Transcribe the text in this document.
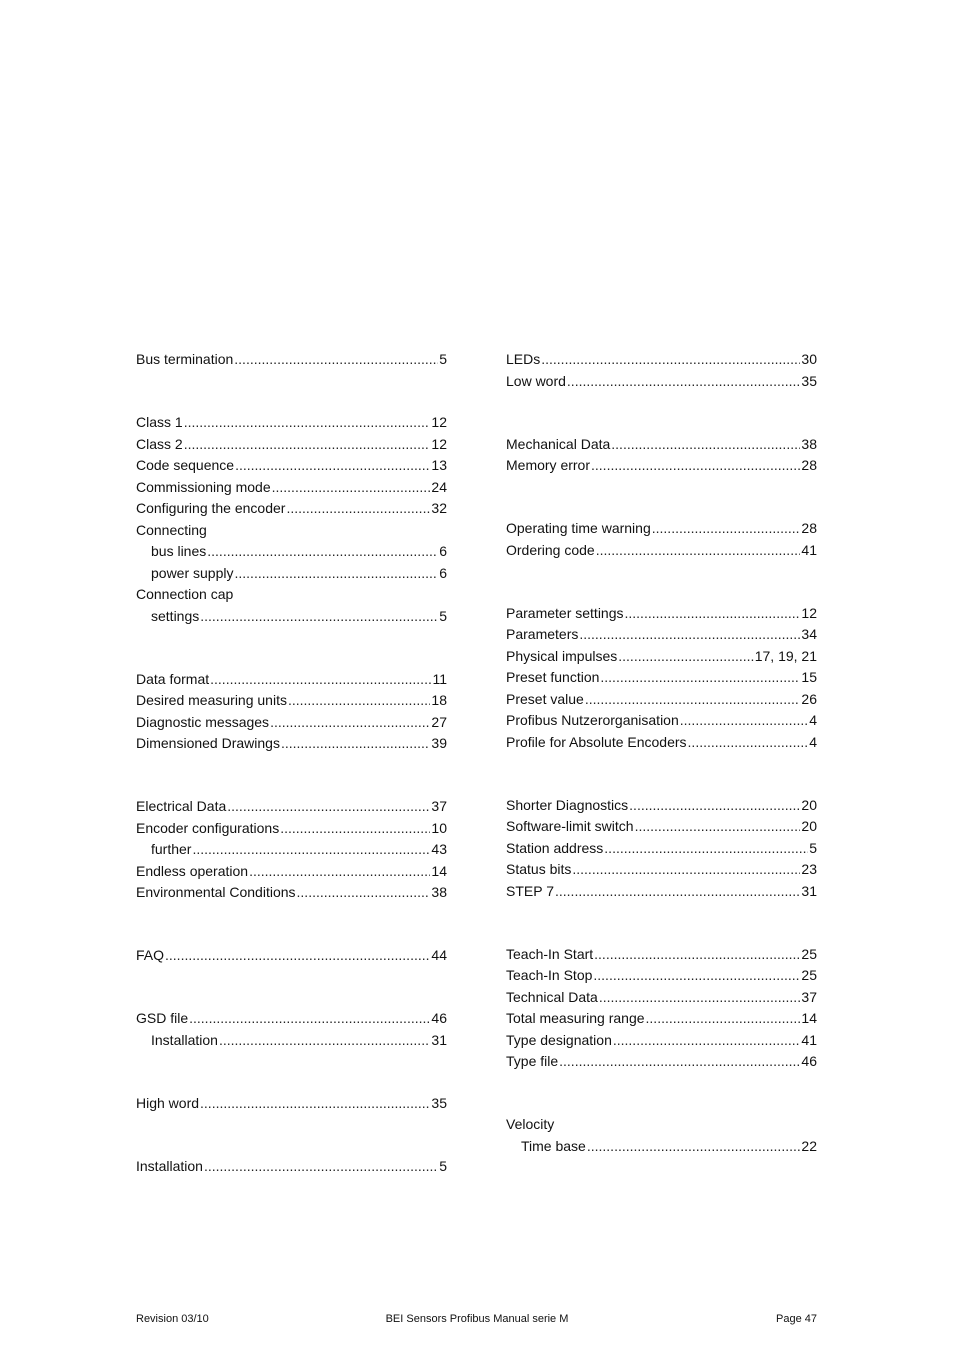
Bus termination .....	5
Class 1 .....	12
Class 2 .....	12
Code sequence .....	13
Commissioning mode .....	24
Configuring the encoder .....	32
Connecting
bus lines .....	6
power supply .....	6
Connection cap
settings .....	5
Data format .....	11
Desired measuring units .....	18
Diagnostic messages .....	27
Dimensioned Drawings .....	39
Electrical Data .....	37
Encoder configurations .....	10
further .....	43
Endless operation .....	14
Environmental Conditions .....	38
FAQ .....	44
GSD file .....	46
Installation .....	31
High word .....	35
Installation .....	5
LEDs .....	30
Low word .....	35
Mechanical Data .....	38
Memory error .....	28
Operating time warning .....	28
Ordering code .....	41
Parameter settings .....	12
Parameters .....	34
Physical impulses .....	17, 19, 21
Preset function .....	15
Preset value .....	26
Profibus Nutzerorganisation .....	4
Profile for Absolute Encoders .....	4
Shorter Diagnostics .....	20
Software-limit switch .....	20
Station address .....	5
Status bits .....	23
STEP 7 .....	31
Teach-In Start .....	25
Teach-In Stop .....	25
Technical Data .....	37
Total measuring range .....	14
Type designation .....	41
Type file .....	46
Velocity
Time base .....	22
Revision 03/10	BEI Sensors Profibus Manual serie M	Page 47
